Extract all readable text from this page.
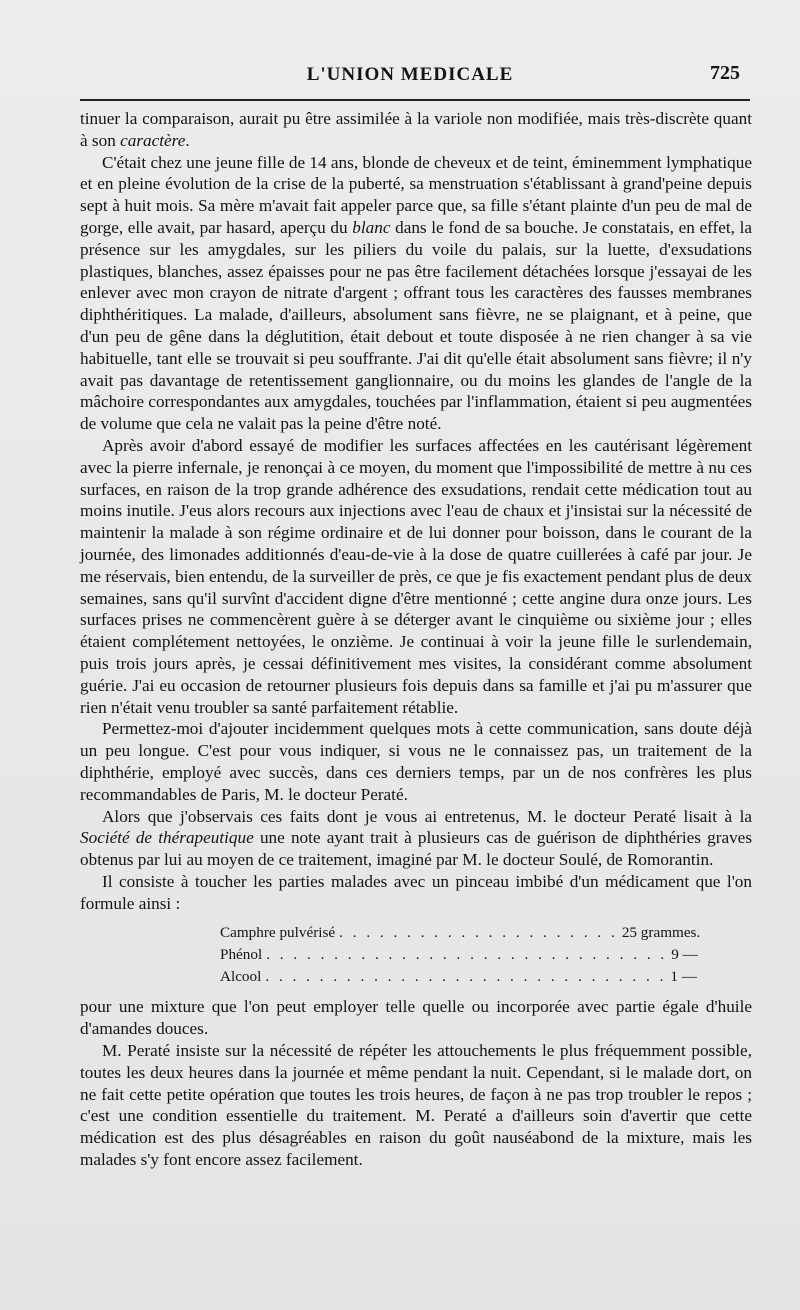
L'UNION MEDICALE	725

tinuer la comparaison, aurait pu être assimilée à la variole non modifiée, mais très-discrète quant à son caractère.

C'était chez une jeune fille de 14 ans, blonde de cheveux et de teint, éminemment lymphatique et en pleine évolution de la crise de la puberté, sa menstruation s'établissant à grand'peine depuis sept à huit mois. Sa mère m'avait fait appeler parce que, sa fille s'étant plainte d'un peu de mal de gorge, elle avait, par hasard, aperçu du blanc dans le fond de sa bouche. Je constatais, en effet, la présence sur les amygdales, sur les piliers du voile du palais, sur la luette, d'exsudations plastiques, blanches, assez épaisses pour ne pas être facilement détachées lorsque j'essayai de les enlever avec mon crayon de nitrate d'argent ; offrant tous les caractères des fausses membranes diphthéritiques. La malade, d'ailleurs, absolument sans fièvre, ne se plaignant, et à peine, que d'un peu de gêne dans la déglutition, était debout et toute disposée à ne rien changer à sa vie habituelle, tant elle se trouvait si peu souffrante. J'ai dit qu'elle était absolument sans fièvre; il n'y avait pas davantage de retentissement ganglionnaire, ou du moins les glandes de l'angle de la mâchoire correspondantes aux amygdales, touchées par l'inflammation, étaient si peu augmentées de volume que cela ne valait pas la peine d'être noté.

Après avoir d'abord essayé de modifier les surfaces affectées en les cautérisant légèrement avec la pierre infernale, je renonçai à ce moyen, du moment que l'impossibilité de mettre à nu ces surfaces, en raison de la trop grande adhérence des exsudations, rendait cette médication tout au moins inutile. J'eus alors recours aux injections avec l'eau de chaux et j'insistai sur la nécessité de maintenir la malade à son régime ordinaire et de lui donner pour boisson, dans le courant de la journée, des limonades additionnés d'eau-de-vie à la dose de quatre cuillerées à café par jour. Je me réservais, bien entendu, de la surveiller de près, ce que je fis exactement pendant plus de deux semaines, sans qu'il survînt d'accident digne d'être mentionné ; cette angine dura onze jours. Les surfaces prises ne commencèrent guère à se déterger avant le cinquième ou sixième jour ; elles étaient complétement nettoyées, le onzième. Je continuai à voir la jeune fille le surlendemain, puis trois jours après, je cessai définitivement mes visites, la considérant comme absolument guérie. J'ai eu occasion de retourner plusieurs fois depuis dans sa famille et j'ai pu m'assurer que rien n'était venu troubler sa santé parfaitement rétablie.

Permettez-moi d'ajouter incidemment quelques mots à cette communication, sans doute déjà un peu longue. C'est pour vous indiquer, si vous ne le connaissez pas, un traitement de la diphthérie, employé avec succès, dans ces derniers temps, par un de nos confrères les plus recommandables de Paris, M. le docteur Peraté.

Alors que j'observais ces faits dont je vous ai entretenus, M. le docteur Peraté lisait à la Société de thérapeutique une note ayant trait à plusieurs cas de guérison de diphthéries graves obtenus par lui au moyen de ce traitement, imaginé par M. le docteur Soulé, de Romorantin.

Il consiste à toucher les parties malades avec un pinceau imbibé d'un médicament que l'on formule ainsi :

Camphre pulvérisé . . . . . . . . . . . . . . . . . . . . . 25 grammes.
Phénol . . . . . . . . . . . . . . . . . . . . . . . . . . . . . . 9 —
Alcool . . . . . . . . . . . . . . . . . . . . . . . . . . . . . . 1 —

pour une mixture que l'on peut employer telle quelle ou incorporée avec partie égale d'huile d'amandes douces.

M. Peraté insiste sur la nécessité de répéter les attouchements le plus fréquemment possible, toutes les deux heures dans la journée et même pendant la nuit. Cependant, si le malade dort, on ne fait cette petite opération que toutes les trois heures, de façon à ne pas trop troubler le repos ; c'est une condition essentielle du traitement. M. Peraté a d'ailleurs soin d'avertir que cette médication est des plus désagréables en raison du goût nauséabond de la mixture, mais les malades s'y font encore assez facilement.
